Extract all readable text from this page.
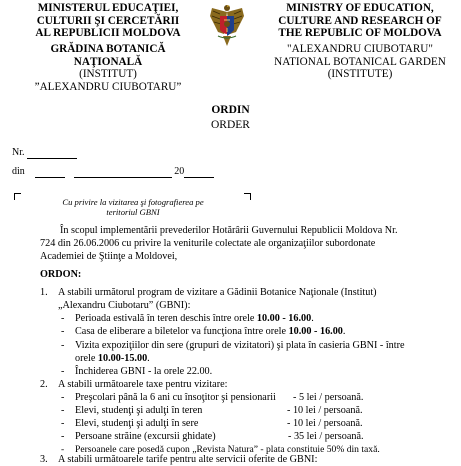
MINISTERUL EDUCAŢIEI,
CULTURII ŞI CERCETĂRII
AL REPUBLICII MOLDOVA
GRĂDINA BOTANICĂ NAŢIONALĂ
(INSTITUT)
”ALEXANDRU CIUBOTARU”
MINISTRY OF EDUCATION,
CULTURE AND RESEARCH OF
THE REPUBLIC OF MOLDOVA
"ALEXANDRU CIUBOTARU"
NATIONAL BOTANICAL GARDEN
(INSTITUTE)
ORDIN
ORDER
Nr.
din	20
Cu privire la vizitarea şi fotografierea pe
teritoriul GBNI
În scopul implementării prevederilor Hotărârii Guvernului Republicii Moldova Nr.
724 din 26.06.2006 cu privire la veniturile colectate ale organizaţiilor subordonate
Academiei de Ştiinţe a Moldovei,
ORDON:
1. A stabili următorul program de vizitare a Gădinii Botanice Naţionale (Institut)
„Alexandru Ciubotaru” (GBNI):
- Perioada estivală în teren deschis între orele 10.00 - 16.00.
- Casa de eliberare a biletelor va funcţiona între orele 10.00 - 16.00.
- Vizita expoziţiilor din sere (grupuri de vizitatori) şi plata în casieria GBNI - între
orele 10.00-15.00.
- Închiderea GBNI - la orele 22.00.
2. A stabili următoarele taxe pentru vizitare:
- Preşcolari până la 6 ani cu însoţitor şi pensionarii - 5 lei / persoană.
- Elevi, studenţi şi adulţi în teren	- 10 lei / persoană.
- Elevi, studenţi şi adulţi în sere	- 10 lei / persoană.
- Persoane străine (excursii ghidate)	- 35 lei / persoană.
- Persoanele care posedă cupon „Revista Natura” - plata constituie 50% din taxă.
3. A stabili următoarele tarife pentru alte servicii oferite de GBNI:
